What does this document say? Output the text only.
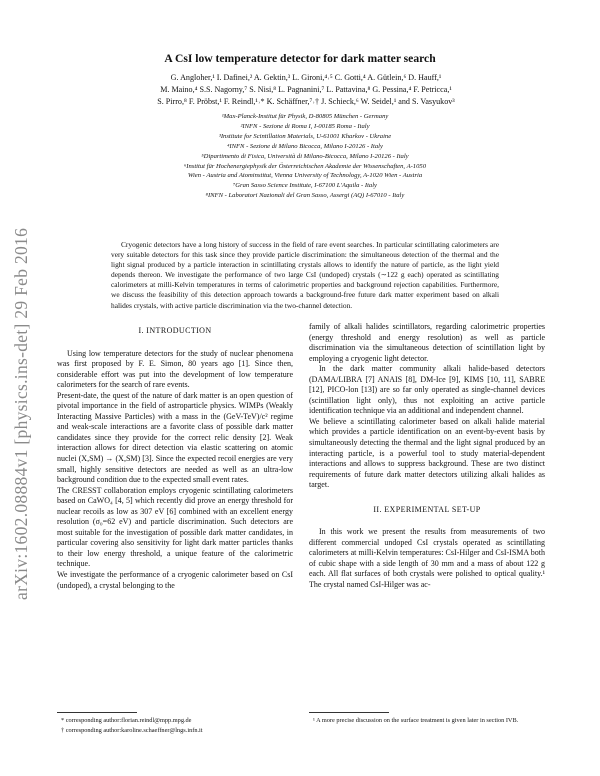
arXiv:1602.08884v1 [physics.ins-det] 29 Feb 2016
A CsI low temperature detector for dark matter search
G. Angloher,¹ I. Dafinei,² A. Gektin,³ L. Gironi,⁴˒⁵ C. Gotti,⁴ A. Gütlein,⁶ D. Hauff,¹
M. Maino,⁴ S.S. Nagorny,⁷ S. Nisi,⁸ L. Pagnanini,⁷ L. Pattavina,⁸ G. Pessina,⁴ F. Petricca,¹
S. Pirro,⁸ F. Pröbst,¹ F. Reindl,¹˒* K. Schäffner,⁷˒† J. Schieck,⁶ W. Seidel,¹ and S. Vasyukov³
¹Max-Planck-Institut für Physik, D-80805 München - Germany
²INFN - Sezione di Roma I, I-00185 Roma - Italy
³Institute for Scintillation Materials, U-61001 Kharkov - Ukraine
⁴INFN - Sezione di Milano Bicocca, Milano I-20126 - Italy
⁵Dipartimento di Fisica, Università di Milano-Bicocca, Milano I-20126 - Italy
⁶Institut für Hochenergiephysik der Österreichischen Akademie der Wissenschaften, A-1050
Wien - Austria and Atominstitut, Vienna University of Technology, A-1020 Wien - Austria
⁷Gran Sasso Science Institute, I-67100 L'Aquila - Italy
⁸INFN - Laboratori Nazionali del Gran Sasso, Assergi (AQ) I-67010 - Italy
Cryogenic detectors have a long history of success in the field of rare event searches. In particular scintillating calorimeters are very suitable detectors for this task since they provide particle discrimination: the simultaneous detection of the thermal and the light signal produced by a particle interaction in scintillating crystals allows to identify the nature of particle, as the light yield depends thereon. We investigate the performance of two large CsI (undoped) crystals (∼122 g each) operated as scintillating calorimeters at milli-Kelvin temperatures in terms of calorimetric properties and background rejection capabilities. Furthermore, we discuss the feasibility of this detection approach towards a background-free future dark matter experiment based on alkali halides crystals, with active particle discrimination via the two-channel detection.
I. INTRODUCTION

Using low temperature detectors for the study of nuclear phenomena was first proposed by F. E. Simon, 80 years ago [1]. Since then, considerable effort was put into the development of low temperature calorimeters for the search of rare events.

Present-date, the quest of the nature of dark matter is an open question of pivotal importance in the field of astroparticle physics. WIMPs (Weakly Interacting Massive Particles) with a mass in the (GeV-TeV)/c² regime and weak-scale interactions are a favorite class of possible dark matter candidates since they provide for the correct relic density [2]. Weak interaction allows for direct detection via elastic scattering on atomic nuclei (X,SM) → (X,SM) [3]. Since the expected recoil energies are very small, highly sensitive detectors are needed as well as an ultra-low background condition due to the expected small event rates.

The CRESST collaboration employs cryogenic scintillating calorimeters based on CaWO₄ [4, 5] which recently did prove an energy threshold for nuclear recoils as low as 307 eV [6] combined with an excellent energy resolution (σ₀=62 eV) and particle discrimination. Such detectors are most suitable for the investigation of possible dark matter candidates, in particular covering also sensitivity for light dark matter particles thanks to their low energy threshold, a unique feature of the calorimetric technique.

We investigate the performance of a cryogenic calorimeter based on CsI (undoped), a crystal belonging to the

family of alkali halides scintillators, regarding calorimetric properties (energy threshold and energy resolution) as well as particle discrimination via the simultaneous detection of scintillation light by employing a cryogenic light detector.

In the dark matter community alkali halide-based detectors (DAMA/LIBRA [7] ANAIS [8], DM-Ice [9], KIMS [10, 11], SABRE [12], PICO-lon [13]) are so far only operated as single-channel devices (scintillation light only), thus not exploiting an active particle identification technique via an additional and independent channel.

We believe a scintillating calorimeter based on alkali halide material which provides a particle identification on an event-by-event basis by simultaneously detecting the thermal and the light signal produced by an interacting particle, is a powerful tool to study material-dependent interactions and allows to suppress background. These are two distinct requirements of future dark matter detectors utilizing alkali halides as target.

II. EXPERIMENTAL SET-UP

In this work we present the results from measurements of two different commercial undoped CsI crystals operated as scintillating calorimeters at milli-Kelvin temperatures: CsI-Hilger and CsI-ISMA both of cubic shape with a side length of 30 mm and a mass of about 122 g each. All flat surfaces of both crystals were polished to optical quality.¹ The crystal named CsI-Hilger was ac-

* corresponding author:florian.reindl@mpp.mpg.de
† corresponding author:karoline.schaeffner@lngs.infn.it
¹ A more precise discussion on the surface treatment is given later in section IVB.
